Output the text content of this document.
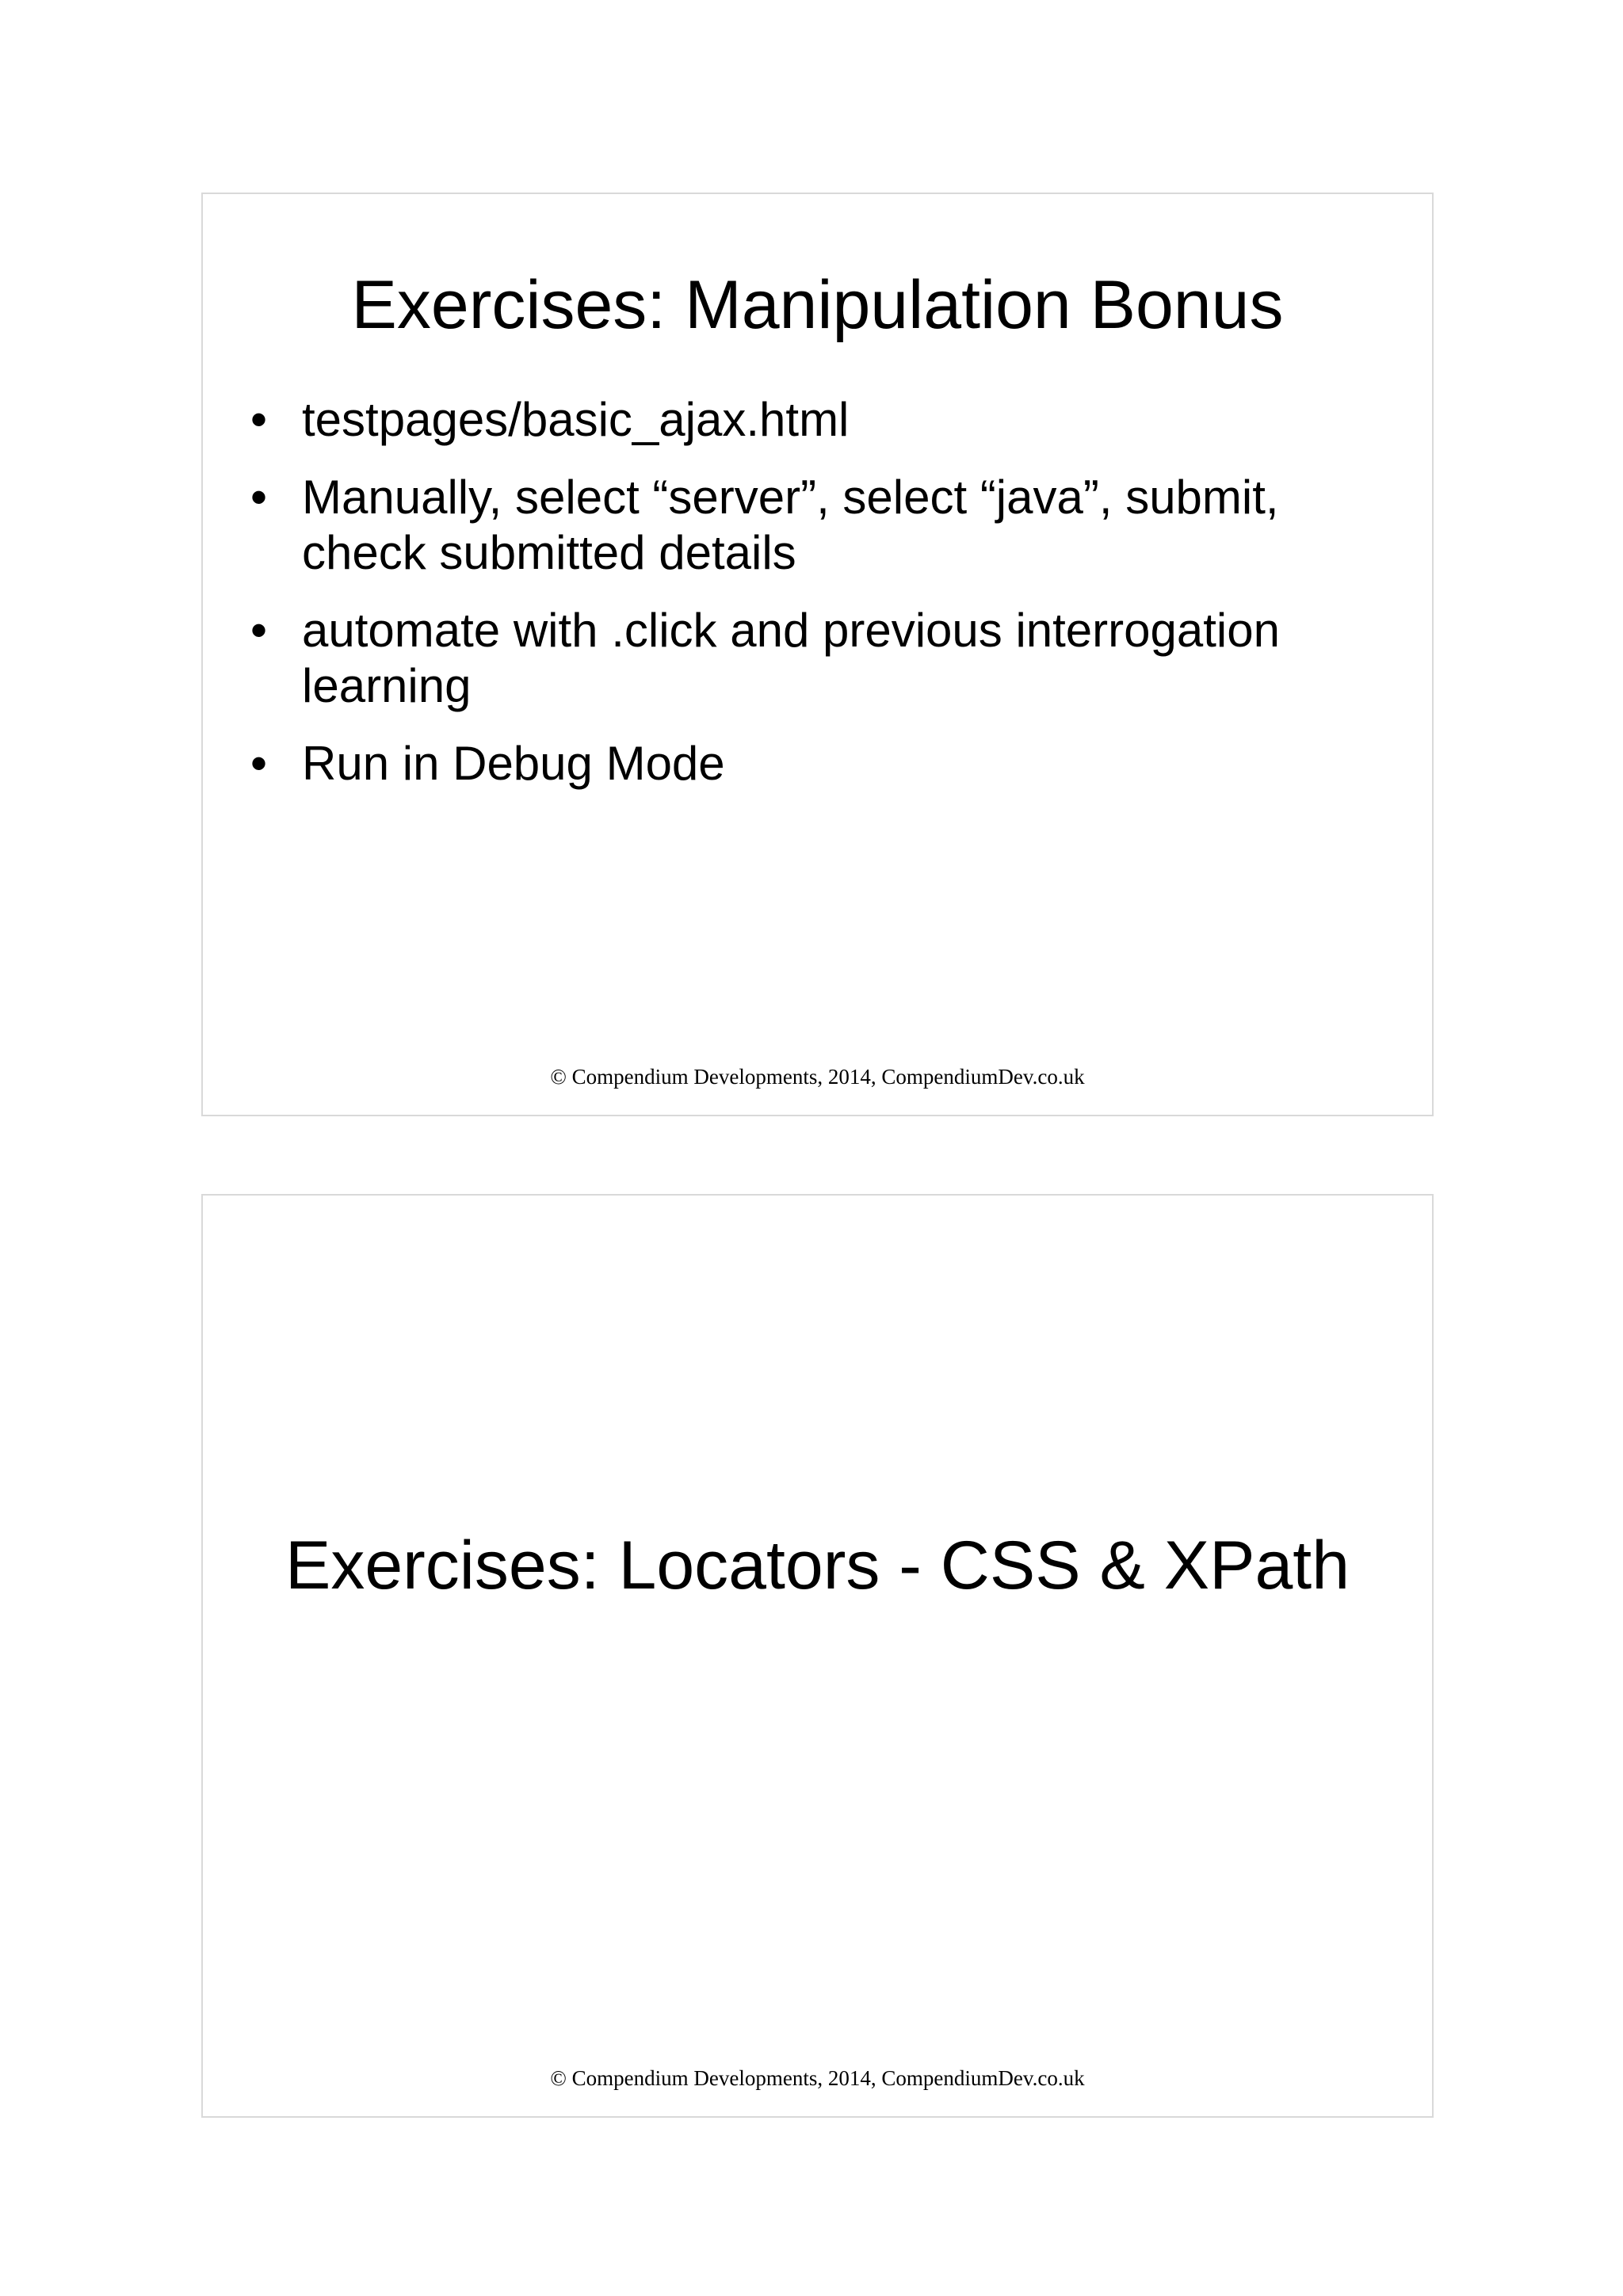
Exercises: Manipulation Bonus
• testpages/basic_ajax.html
• Manually, select “server”, select “java”, submit, check submitted details
• automate with .click and previous interrogation learning
• Run in Debug Mode
© Compendium Developments, 2014, CompendiumDev.co.uk
Exercises: Locators - CSS & XPath
© Compendium Developments, 2014, CompendiumDev.co.uk
